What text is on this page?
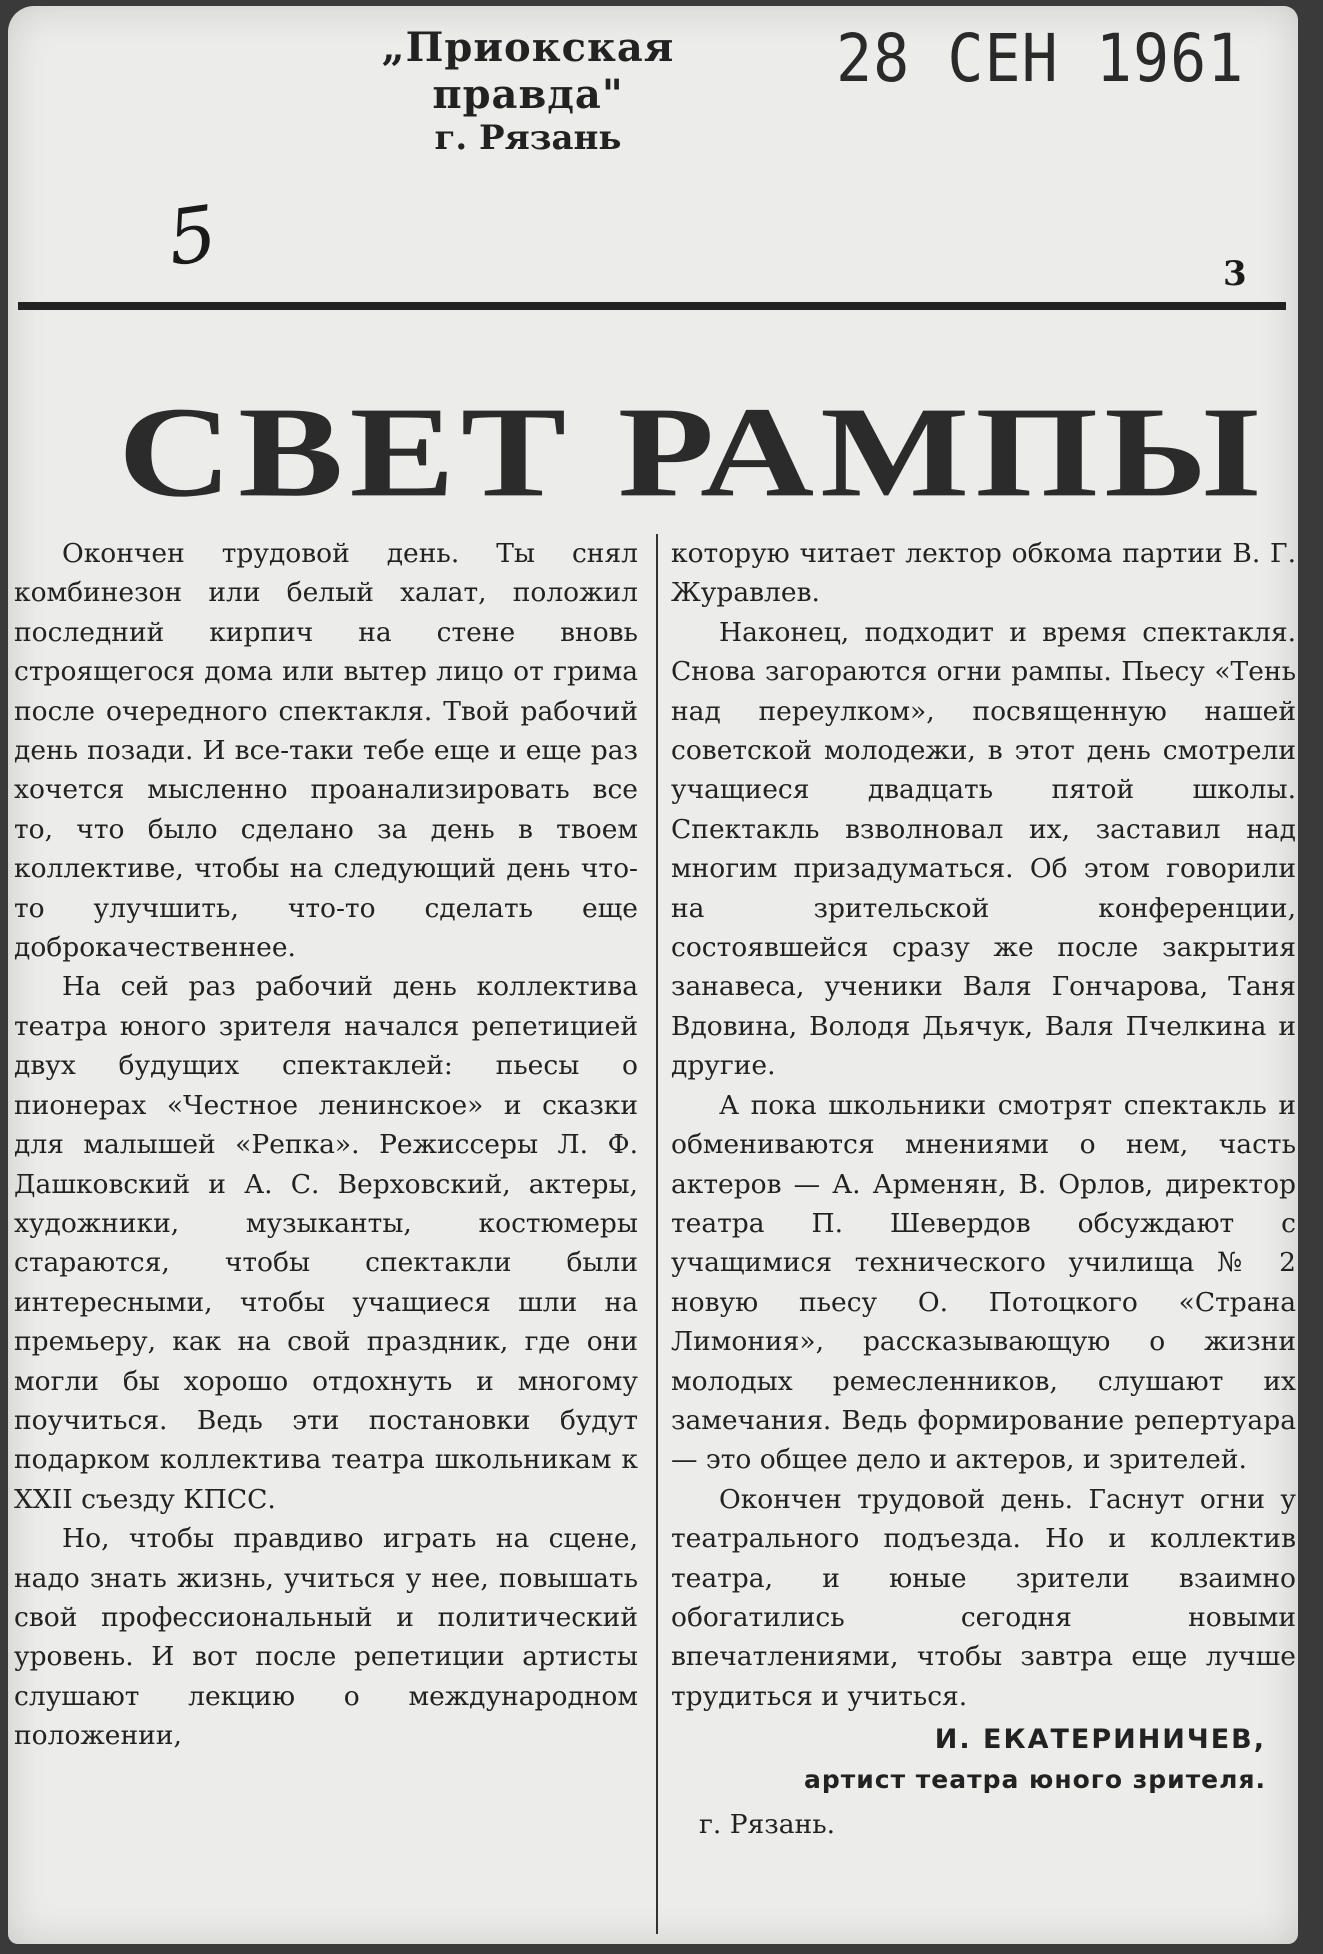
„Приокская правда"
г. Рязань
28 СЕН 1961
5	3
СВЕТ РАМПЫ

Окончен трудовой день. Ты снял комбинезон или белый халат, положил последний кирпич на стене вновь строящегося дома или вытер лицо от грима после очередного спектакля. Твой рабочий день позади. И все-таки тебе еще и еще раз хочется мысленно проанализировать все то, что было сделано за день в твоем коллективе, чтобы на следующий день что-то улучшить, что-то сделать еще доброкачественнее.

На сей раз рабочий день коллектива театра юного зрителя начался репетицией двух будущих спектаклей: пьесы о пионерах «Честное ленинское» и сказки для малышей «Репка». Режиссеры Л. Ф. Дашковский и А. С. Верховский, актеры, художники, музыканты, костюмеры стараются, чтобы спектакли были интересными, чтобы учащиеся шли на премьеру, как на свой праздник, где они могли бы хорошо отдохнуть и многому поучиться. Ведь эти постановки будут подарком коллектива театра школьникам к XXII съезду КПСС.

Но, чтобы правдиво играть на сцене, надо знать жизнь, учиться у нее, повышать свой профессиональный и политический уровень. И вот после репетиции артисты слушают лекцию о международном положении,

которую читает лектор обкома партии В. Г. Журавлев.

Наконец, подходит и время спектакля. Снова загораются огни рампы. Пьесу «Тень над переулком», посвященную нашей советской молодежи, в этот день смотрели учащиеся двадцать пятой школы. Спектакль взволновал их, заставил над многим призадуматься. Об этом говорили на зрительской конференции, состоявшейся сразу же после закрытия занавеса, ученики Валя Гончарова, Таня Вдовина, Володя Дьячук, Валя Пчелкина и другие.

А пока школьники смотрят спектакль и обмениваются мнениями о нем, часть актеров — А. Арменян, В. Орлов, директор театра П. Шевердов обсуждают с учащимися технического училища № 2 новую пьесу О. Потоцкого «Страна Лимония», рассказывающую о жизни молодых ремесленников, слушают их замечания. Ведь формирование репертуара — это общее дело и актеров, и зрителей.

Окончен трудовой день. Гаснут огни у театрального подъезда. Но и коллектив театра, и юные зрители взаимно обогатились сегодня новыми впечатлениями, чтобы завтра еще лучше трудиться и учиться.

И. ЕКАТЕРИНИЧЕВ,
артист театра юного зрителя.
г. Рязань.
